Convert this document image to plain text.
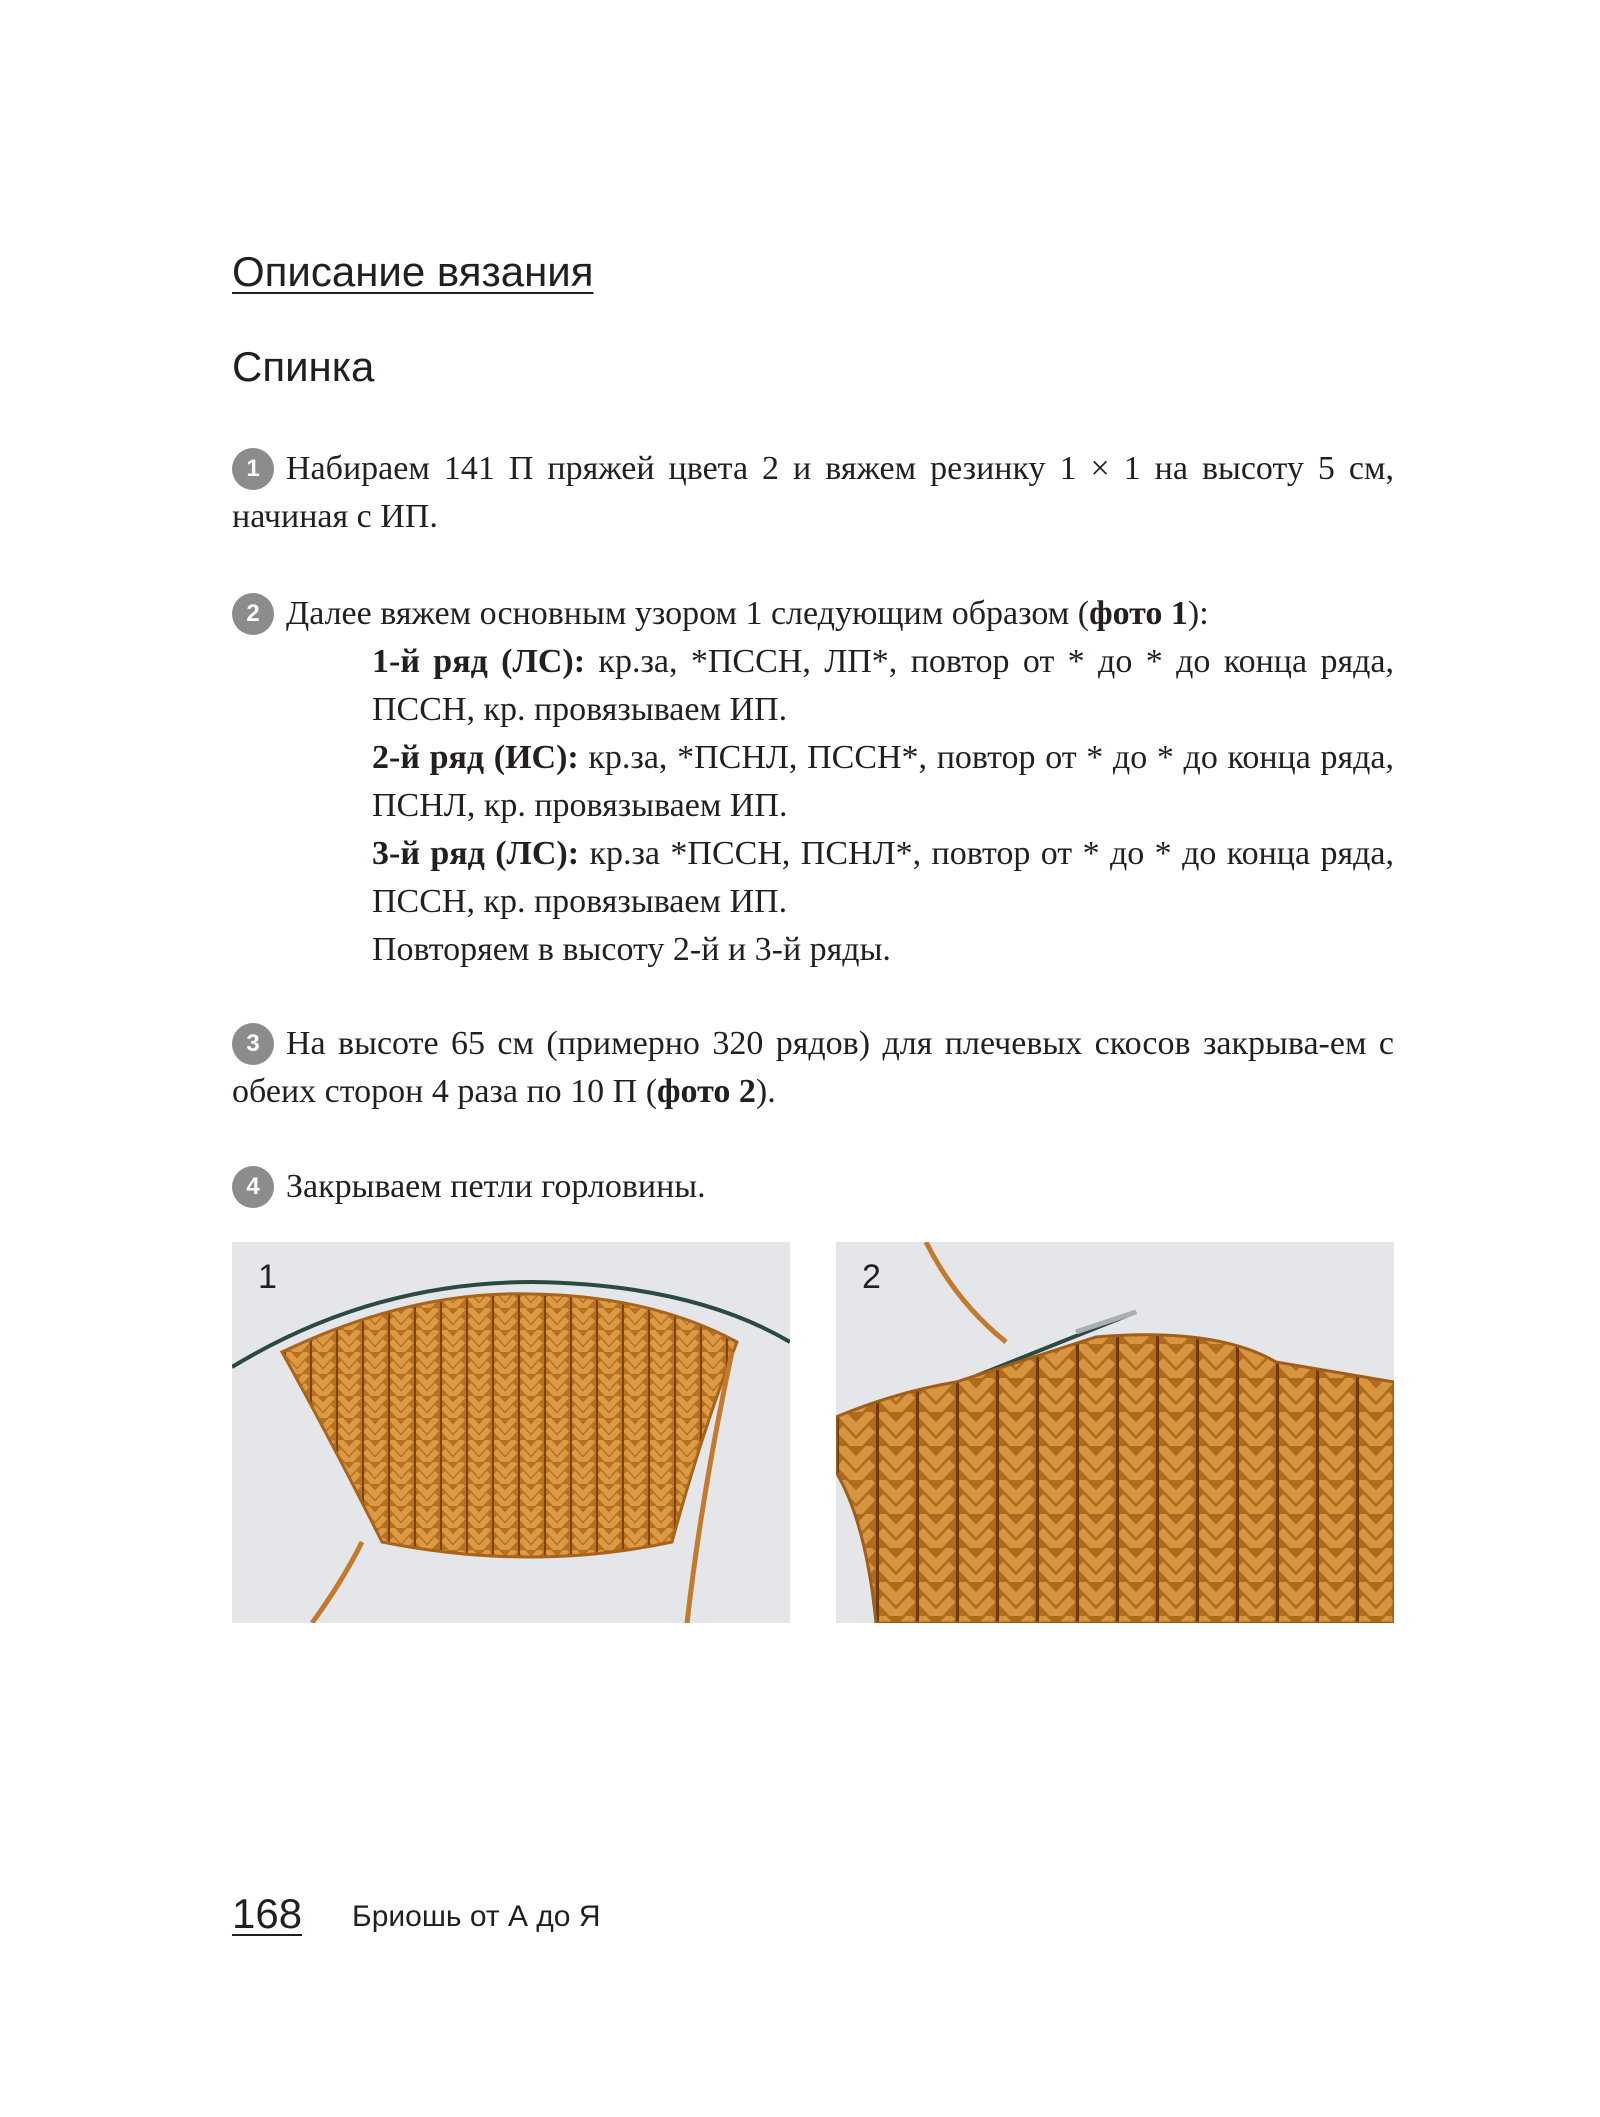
Описание вязания
Спинка

1 Набираем 141 П пряжей цвета 2 и вяжем резинку 1 × 1 на высоту 5 см, начиная с ИП.

2 Далее вяжем основным узором 1 следующим образом (фото 1):

1-й ряд (ЛС): кр.за, *ПССН, ЛП*, повтор от * до * до конца ряда, ПССН, кр. провязываем ИП.

2-й ряд (ИС): кр.за, *ПСНЛ, ПССН*, повтор от * до * до конца ряда, ПСНЛ, кр. провязываем ИП.

3-й ряд (ЛС): кр.за *ПССН, ПСНЛ*, повтор от * до * до конца ряда, ПССН, кр. провязываем ИП.

Повторяем в высоту 2-й и 3-й ряды.

3 На высоте 65 см (примерно 320 рядов) для плечевых скосов закрыва-ем с обеих сторон 4 раза по 10 П (фото 2).

4 Закрываем петли горловины.

1	2
168 Бриошь от А до Я
